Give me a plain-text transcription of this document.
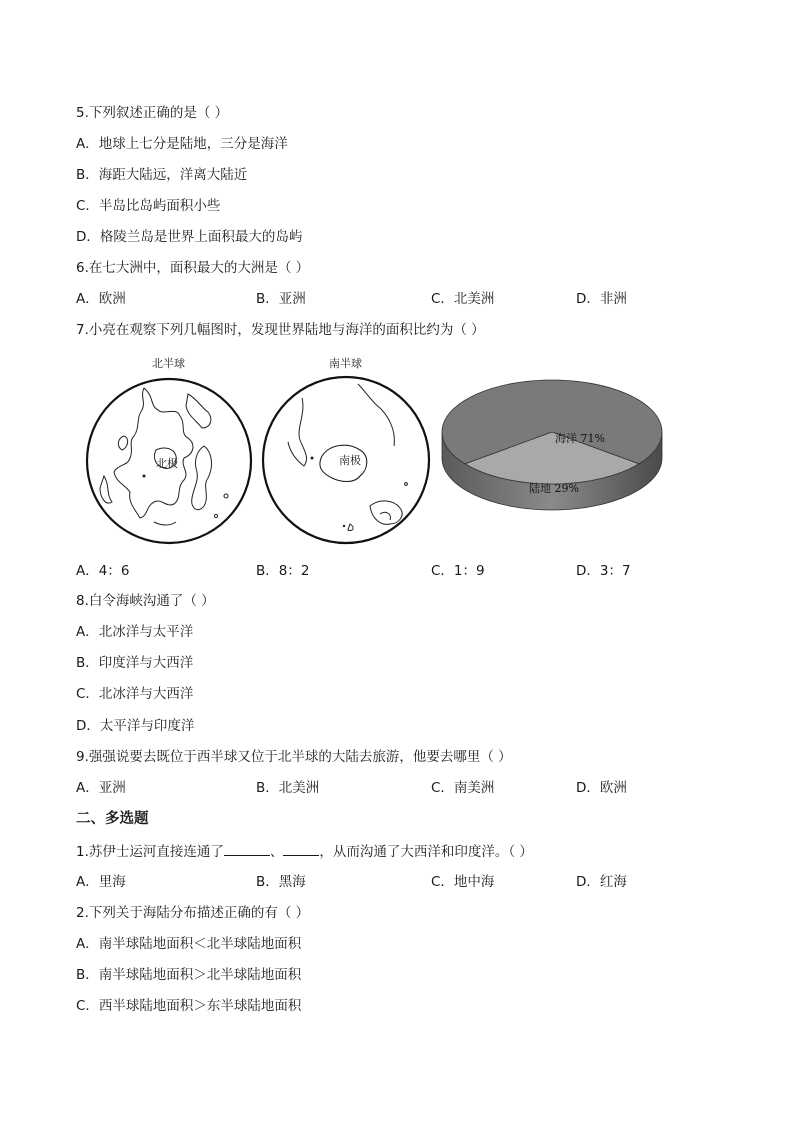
5.下列叙述正确的是（ ）
A．地球上七分是陆地，三分是海洋
B．海距大陆远，洋离大陆近
C．半岛比岛屿面积小些
D．格陵兰岛是世界上面积最大的岛屿
6.在七大洲中，面积最大的大洲是（ ）
A．欧洲	B．亚洲	C．北美洲	D．非洲
7.小亮在观察下列几幅图时，发现世界陆地与海洋的面积比约为（ ）
北半球
北极
南半球
南极
海洋 71%
陆地 29%
A．4：6	B．8：2	C．1：9	D．3：7
8.白令海峡沟通了（ ）
A．北冰洋与太平洋
B．印度洋与大西洋
C．北冰洋与大西洋
D．太平洋与印度洋
9.强强说要去既位于西半球又位于北半球的大陆去旅游，他要去哪里（ ）
A．亚洲	B．北美洲	C．南美洲	D．欧洲
二、多选题
1.苏伊士运河直接连通了	、	，从而沟通了大西洋和印度洋。（ ）
A．里海	B．黑海	C．地中海	D．红海
2.下列关于海陆分布描述正确的有（ ）
A．南半球陆地面积＜北半球陆地面积
B．南半球陆地面积＞北半球陆地面积
C．西半球陆地面积＞东半球陆地面积
